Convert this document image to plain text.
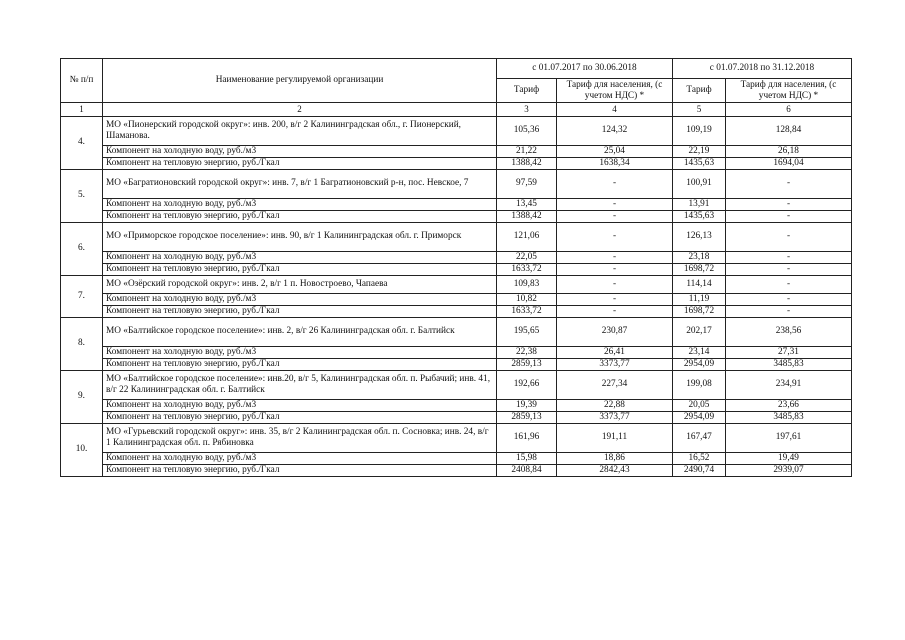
№ п/п	Наименование регулируемой организации	с 01.07.2017 по 30.06.2018		с 01.07.2018 по 31.12.2018	
		Тариф	Тариф для населения, (с учетом НДС) *	Тариф	Тариф для населения, (с учетом НДС) *
1	2	3	4	5	6
4.	МО «Пионерский городской округ»: инв. 200, в/г 2 Калининградская обл., г. Пионерский, Шаманова.	105,36	124,32	109,19	128,84
	Компонент на холодную воду, руб./м3	21,22	25,04	22,19	26,18
	Компонент на тепловую энергию, руб./Гкал	1388,42	1638,34	1435,63	1694,04
5.	МО «Багратионовский городской округ»: инв. 7, в/г 1 Багратионовский р-н, пос. Невское, 7	97,59	-	100,91	-
	Компонент на холодную воду, руб./м3	13,45	-	13,91	-
	Компонент на тепловую энергию, руб./Гкал	1388,42	-	1435,63	-
6.	МО «Приморское городское поселение»: инв. 90, в/г 1 Калининградская обл. г. Приморск	121,06	-	126,13	-
	Компонент на холодную воду, руб./м3	22,05	-	23,18	-
	Компонент на тепловую энергию, руб./Гкал	1633,72	-	1698,72	-
7.	МО «Озёрский городской округ»: инв. 2, в/г 1 п. Новостроево, Чапаева	109,83	-	114,14	-
	Компонент на холодную воду, руб./м3	10,82	-	11,19	-
	Компонент на тепловую энергию, руб./Гкал	1633,72	-	1698,72	-
8.	МО «Балтийское городское поселение»: инв. 2, в/г 26 Калининградская обл. г. Балтийск	195,65	230,87	202,17	238,56
	Компонент на холодную воду, руб./м3	22,38	26,41	23,14	27,31
	Компонент на тепловую энергию, руб./Гкал	2859,13	3373,77	2954,09	3485,83
9.	МО «Балтийское городское поселение»: инв.20, в/г 5, Калининградская обл. п. Рыбачий; инв. 41, в/г 22 Калининградская обл. г. Балтийск	192,66	227,34	199,08	234,91
	Компонент на холодную воду, руб./м3	19,39	22,88	20,05	23,66
	Компонент на тепловую энергию, руб./Гкал	2859,13	3373,77	2954,09	3485,83
10.	МО «Гурьевский городской округ»: инв. 35, в/г 2 Калининградская обл. п. Сосновка; инв. 24, в/г 1 Калининградская обл. п. Рябиновка	161,96	191,11	167,47	197,61
	Компонент на холодную воду, руб./м3	15,98	18,86	16,52	19,49
	Компонент на тепловую энергию, руб./Гкал	2408,84	2842,43	2490,74	2939,07
